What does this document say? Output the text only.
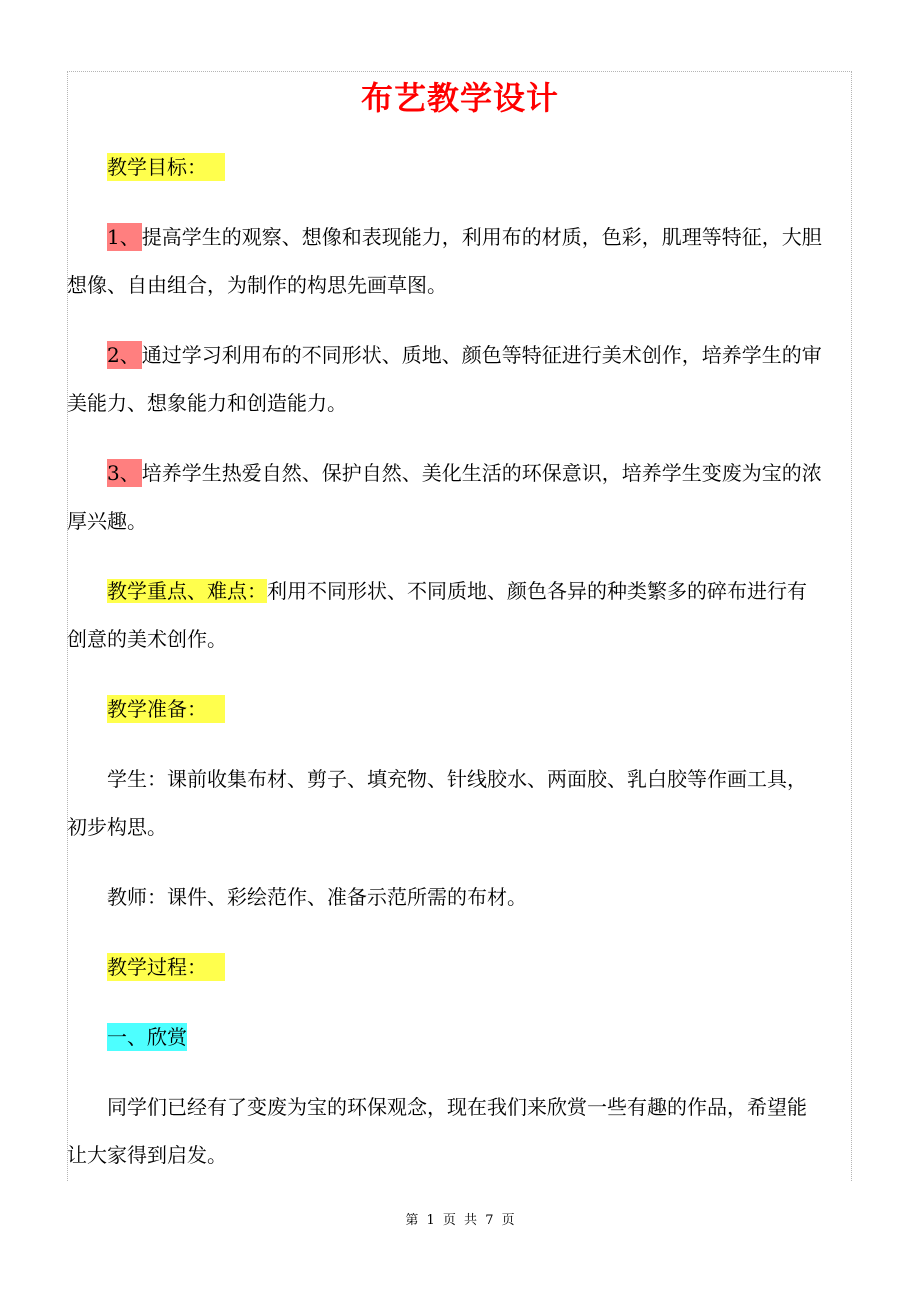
布艺教学设计
教学目标：
1、 提高学生的观察、想像和表现能力，利用布的材质，色彩，肌理等特征，大胆
想像、自由组合，为制作的构思先画草图。
2、 通过学习利用布的不同形状、质地、颜色等特征进行美术创作，培养学生的审
美能力、想象能力和创造能力。
3、 培养学生热爱自然、保护自然、美化生活的环保意识，培养学生变废为宝的浓
厚兴趣。
教学重点、难点：利用不同形状、不同质地、颜色各异的种类繁多的碎布进行有
创意的美术创作。
教学准备：
学生：课前收集布材、剪子、填充物、针线胶水、两面胶、乳白胶等作画工具，
初步构思。
教师：课件、彩绘范作、准备示范所需的布材。
教学过程：
一、欣赏
同学们已经有了变废为宝的环保观念，现在我们来欣赏一些有趣的作品，希望能
让大家得到启发。
第 1 页 共 7 页
